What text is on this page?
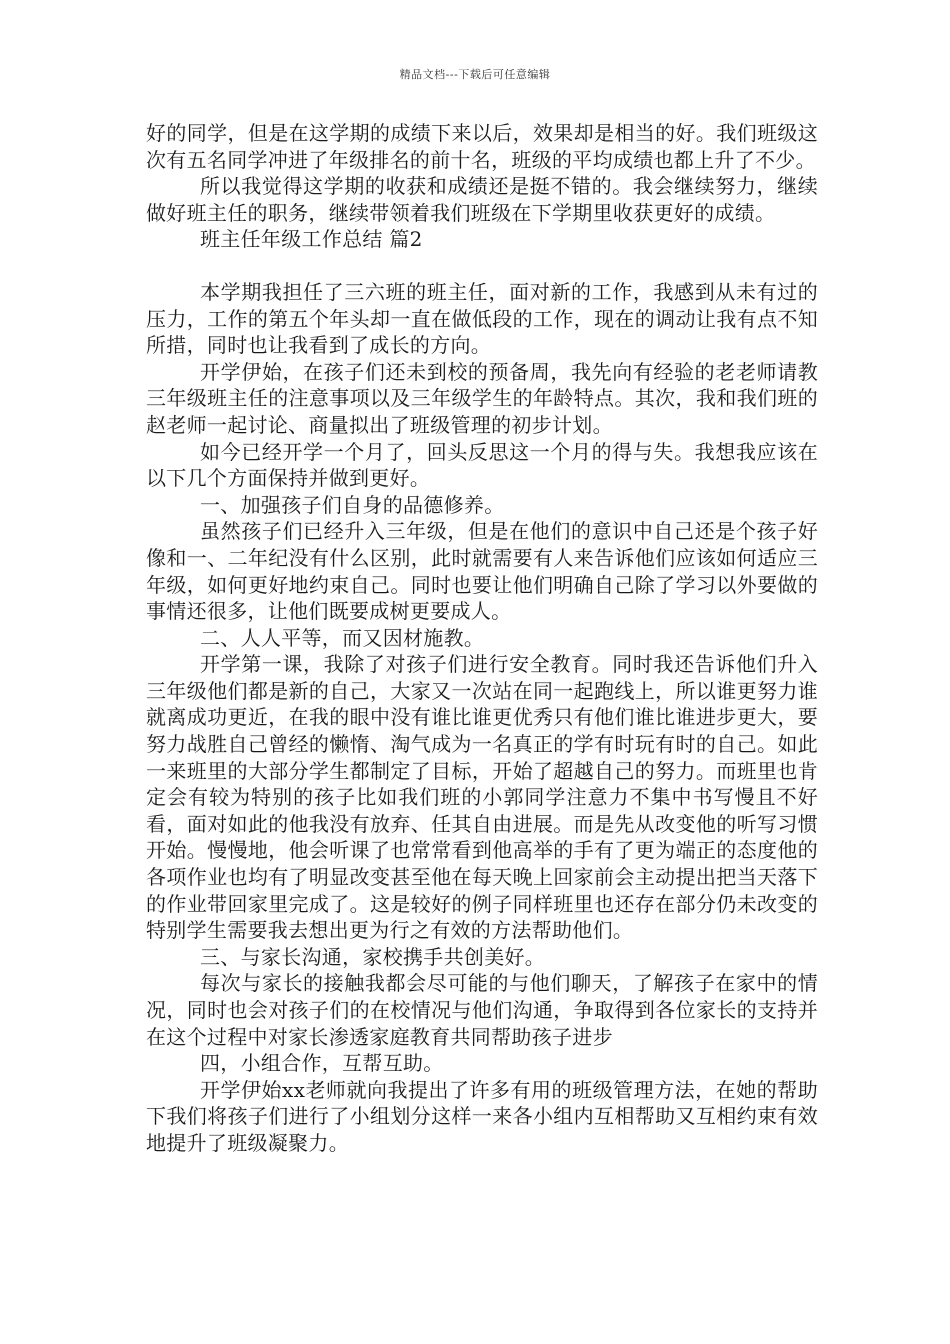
精品文档---下载后可任意编辑

好的同学，但是在这学期的成绩下来以后，效果却是相当的好。我们班级这次有五名同学冲进了年级排名的前十名，班级的平均成绩也都上升了不少。

所以我觉得这学期的收获和成绩还是挺不错的。我会继续努力，继续做好班主任的职务，继续带领着我们班级在下学期里收获更好的成绩。

班主任年级工作总结 篇2

本学期我担任了三六班的班主任，面对新的工作，我感到从未有过的压力，工作的第五个年头却一直在做低段的工作，现在的调动让我有点不知所措，同时也让我看到了成长的方向。

开学伊始，在孩子们还未到校的预备周，我先向有经验的老老师请教三年级班主任的注意事项以及三年级学生的年龄特点。其次，我和我们班的赵老师一起讨论、商量拟出了班级管理的初步计划。

如今已经开学一个月了，回头反思这一个月的得与失。我想我应该在以下几个方面保持并做到更好。

一、加强孩子们自身的品德修养。

虽然孩子们已经升入三年级，但是在他们的意识中自己还是个孩子好像和一、二年纪没有什么区别，此时就需要有人来告诉他们应该如何适应三年级，如何更好地约束自己。同时也要让他们明确自己除了学习以外要做的事情还很多，让他们既要成树更要成人。

二、人人平等，而又因材施教。

开学第一课，我除了对孩子们进行安全教育。同时我还告诉他们升入三年级他们都是新的自己，大家又一次站在同一起跑线上，所以谁更努力谁就离成功更近，在我的眼中没有谁比谁更优秀只有他们谁比谁进步更大，要努力战胜自己曾经的懒惰、淘气成为一名真正的学有时玩有时的自己。如此一来班里的大部分学生都制定了目标，开始了超越自己的努力。而班里也肯定会有较为特别的孩子比如我们班的小郭同学注意力不集中书写慢且不好看，面对如此的他我没有放弃、任其自由进展。而是先从改变他的听写习惯开始。慢慢地，他会听课了也常常看到他高举的手有了更为端正的态度他的各项作业也均有了明显改变甚至他在每天晚上回家前会主动提出把当天落下的作业带回家里完成了。这是较好的例子同样班里也还存在部分仍未改变的特别学生需要我去想出更为行之有效的方法帮助他们。

三、与家长沟通，家校携手共创美好。

每次与家长的接触我都会尽可能的与他们聊天，了解孩子在家中的情况，同时也会对孩子们的在校情况与他们沟通，争取得到各位家长的支持并在这个过程中对家长渗透家庭教育共同帮助孩子进步

四，小组合作，互帮互助。

开学伊始xx老师就向我提出了许多有用的班级管理方法，在她的帮助下我们将孩子们进行了小组划分这样一来各小组内互相帮助又互相约束有效地提升了班级凝聚力。
